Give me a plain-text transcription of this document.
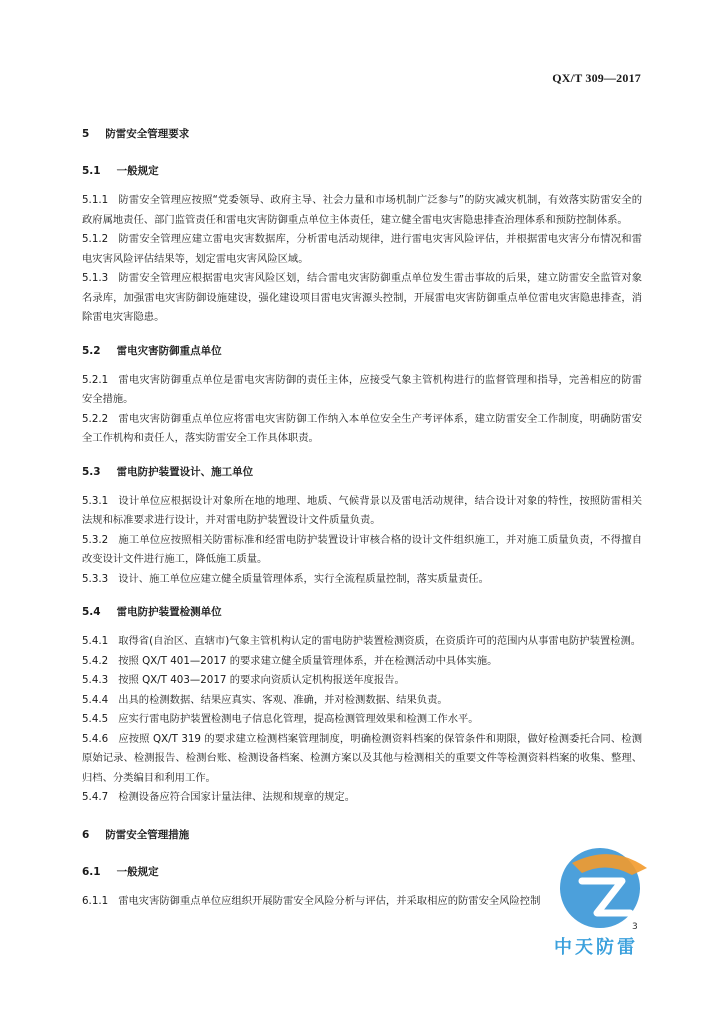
QX/T 309—2017
5 防雷安全管理要求
5.1 一般规定

5.1.1 防雷安全管理应按照“党委领导、政府主导、社会力量和市场机制广泛参与”的防灾减灾机制，有效落实防雷安全的政府属地责任、部门监管责任和雷电灾害防御重点单位主体责任，建立健全雷电灾害隐患排查治理体系和预防控制体系。

5.1.2 防雷安全管理应建立雷电灾害数据库，分析雷电活动规律，进行雷电灾害风险评估，并根据雷电灾害分布情况和雷电灾害风险评估结果等，划定雷电灾害风险区域。

5.1.3 防雷安全管理应根据雷电灾害风险区划，结合雷电灾害防御重点单位发生雷击事故的后果，建立防雷安全监管对象名录库，加强雷电灾害防御设施建设，强化建设项目雷电灾害源头控制，开展雷电灾害防御重点单位雷电灾害隐患排查，消除雷电灾害隐患。

5.2 雷电灾害防御重点单位

5.2.1 雷电灾害防御重点单位是雷电灾害防御的责任主体，应接受气象主管机构进行的监督管理和指导，完善相应的防雷安全措施。

5.2.2 雷电灾害防御重点单位应将雷电灾害防御工作纳入本单位安全生产考评体系，建立防雷安全工作制度，明确防雷安全工作机构和责任人，落实防雷安全工作具体职责。

5.3 雷电防护装置设计、施工单位

5.3.1 设计单位应根据设计对象所在地的地理、地质、气候背景以及雷电活动规律，结合设计对象的特性，按照防雷相关法规和标准要求进行设计，并对雷电防护装置设计文件质量负责。

5.3.2 施工单位应按照相关防雷标准和经雷电防护装置设计审核合格的设计文件组织施工，并对施工质量负责，不得擅自改变设计文件进行施工，降低施工质量。

5.3.3 设计、施工单位应建立健全质量管理体系，实行全流程质量控制，落实质量责任。

5.4 雷电防护装置检测单位

5.4.1 取得省(自治区、直辖市)气象主管机构认定的雷电防护装置检测资质，在资质许可的范围内从事雷电防护装置检测。

5.4.2 按照 QX/T 401—2017 的要求建立健全质量管理体系，并在检测活动中具体实施。

5.4.3 按照 QX/T 403—2017 的要求向资质认定机构报送年度报告。

5.4.4 出具的检测数据、结果应真实、客观、准确，并对检测数据、结果负责。

5.4.5 应实行雷电防护装置检测电子信息化管理，提高检测管理效果和检测工作水平。

5.4.6 应按照 QX/T 319 的要求建立检测档案管理制度，明确检测资料档案的保管条件和期限，做好检测委托合同、检测原始记录、检测报告、检测台账、检测设备档案、检测方案以及其他与检测相关的重要文件等检测资料档案的收集、整理、归档、分类编目和利用工作。

5.4.7 检测设备应符合国家计量法律、法规和规章的规定。

6 防雷安全管理措施
6.1 一般规定

6.1.1 雷电灾害防御重点单位应组织开展防雷安全风险分析与评估，并采取相应的防雷安全风险控制

中天防雷
3
